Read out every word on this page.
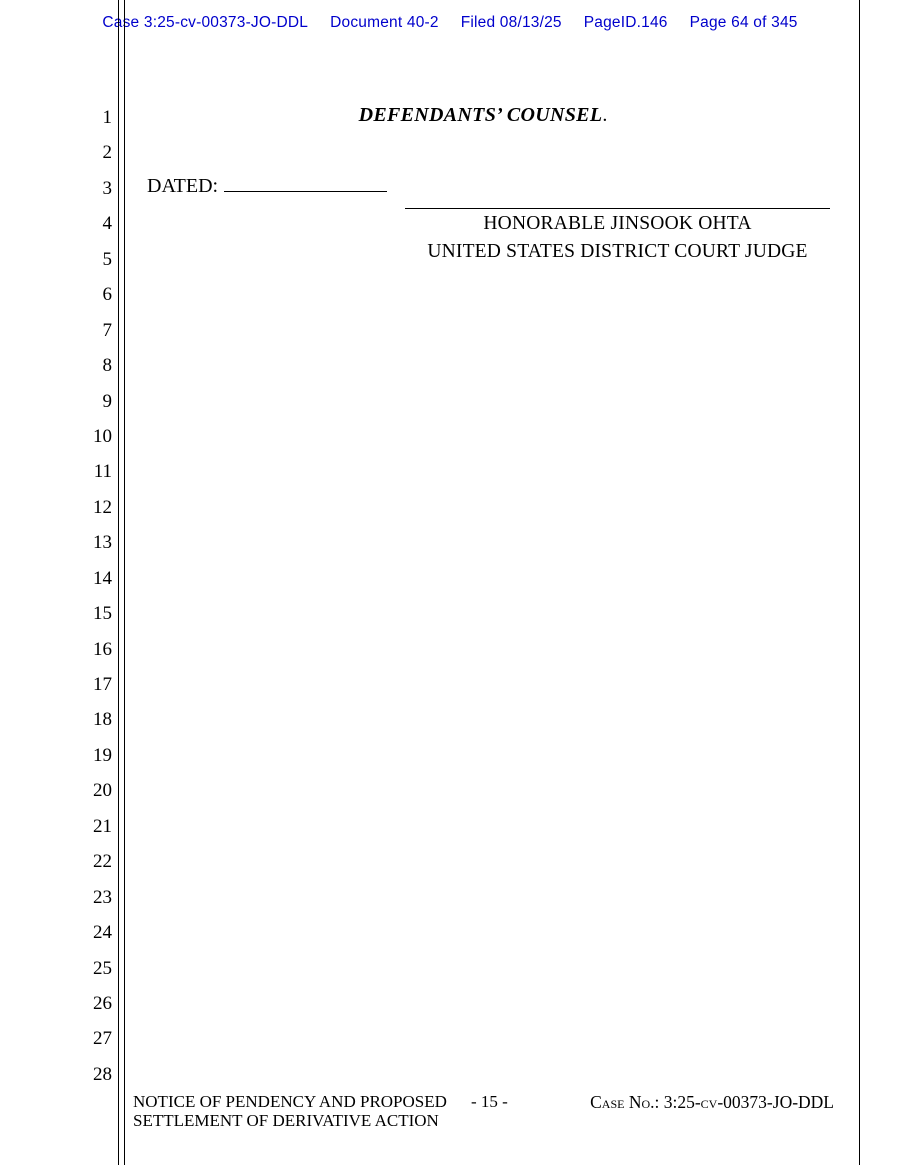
Case 3:25-cv-00373-JO-DDL Document 40-2 Filed 08/13/25 PageID.146 Page 64 of 345
1
2
3
4
5
6
7
8
9
10
11
12
13
14
15
16
17
18
19
20
21
22
23
24
25
26
27
28
DEFENDANTS’ COUNSEL.
DATED:
HONORABLE JINSOOK OHTA
UNITED STATES DISTRICT COURT JUDGE
NOTICE OF PENDENCY AND PROPOSED
SETTLEMENT OF DERIVATIVE ACTION
- 15 -	Case No.: 3:25-cv-00373-JO-DDL
